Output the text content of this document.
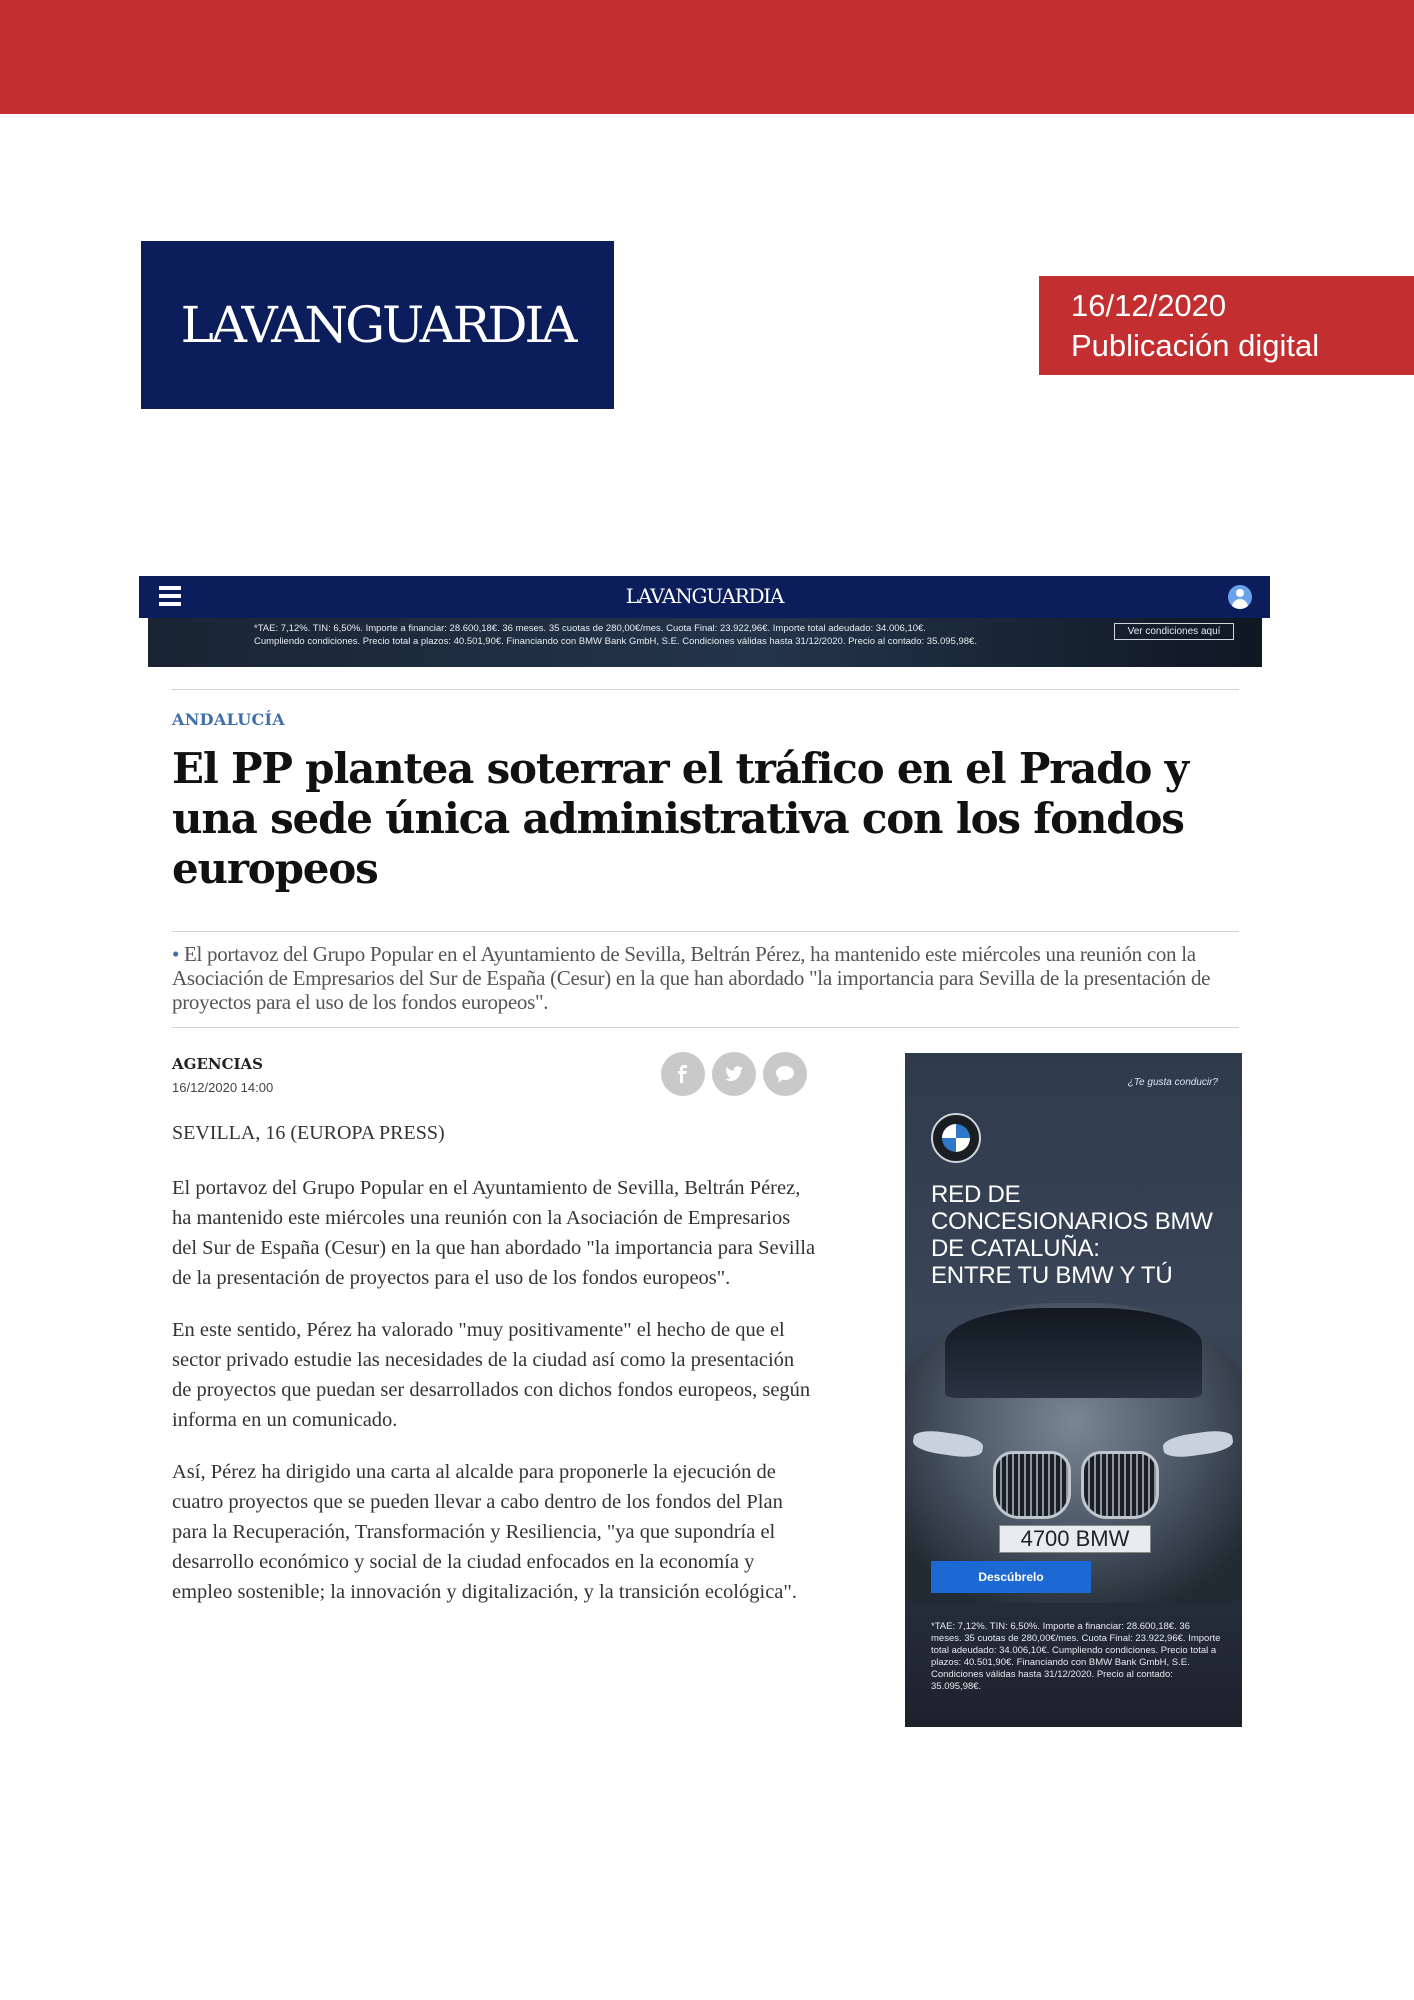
LAVANGUARDIA	16/12/2020
Publicación digital
LAVANGUARDIA
*TAE: 7,12%. TIN: 6,50%. Importe a financiar: 28.600,18€. 36 meses. 35 cuotas de 280,00€/mes. Cuota Final: 23.922,96€. Importe total adeudado: 34.006,10€.
Cumpliendo condiciones. Precio total a plazos: 40.501,90€. Financiando con BMW Bank GmbH, S.E. Condiciones válidas hasta 31/12/2020. Precio al contado: 35.095,98€.
Ver condiciones aquí
ANDALUCÍA
El PP plantea soterrar el tráfico en el Prado y una sede única administrativa con los fondos europeos
• El portavoz del Grupo Popular en el Ayuntamiento de Sevilla, Beltrán Pérez, ha mantenido este miércoles una reunión con la Asociación de Empresarios del Sur de España (Cesur) en la que han abordado "la importancia para Sevilla de la presentación de proyectos para el uso de los fondos europeos".
AGENCIAS
16/12/2020 14:00
SEVILLA, 16 (EUROPA PRESS)

El portavoz del Grupo Popular en el Ayuntamiento de Sevilla, Beltrán Pérez, ha mantenido este miércoles una reunión con la Asociación de Empresarios del Sur de España (Cesur) en la que han abordado "la importancia para Sevilla de la presentación de proyectos para el uso de los fondos europeos".

En este sentido, Pérez ha valorado "muy positivamente" el hecho de que el sector privado estudie las necesidades de la ciudad así como la presentación de proyectos que puedan ser desarrollados con dichos fondos europeos, según informa en un comunicado.

Así, Pérez ha dirigido una carta al alcalde para proponerle la ejecución de cuatro proyectos que se pueden llevar a cabo dentro de los fondos del Plan para la Recuperación, Transformación y Resiliencia, "ya que supondría el desarrollo económico y social de la ciudad enfocados en la economía y empleo sostenible; la innovación y digitalización, y la transición ecológica".

¿Te gusta conducir?
RED DE
CONCESIONARIOS BMW
DE CATALUÑA:
ENTRE TU BMW Y TÚ
4700 BMW
Descúbrelo
*TAE: 7,12%. TIN: 6,50%. Importe a financiar: 28.600,18€. 36 meses. 35 cuotas de 280,00€/mes. Cuota Final: 23.922,96€. Importe total adeudado: 34.006,10€. Cumpliendo condiciones. Precio total a plazos: 40.501,90€. Financiando con BMW Bank GmbH, S.E. Condiciones válidas hasta 31/12/2020. Precio al contado: 35.095,98€.
